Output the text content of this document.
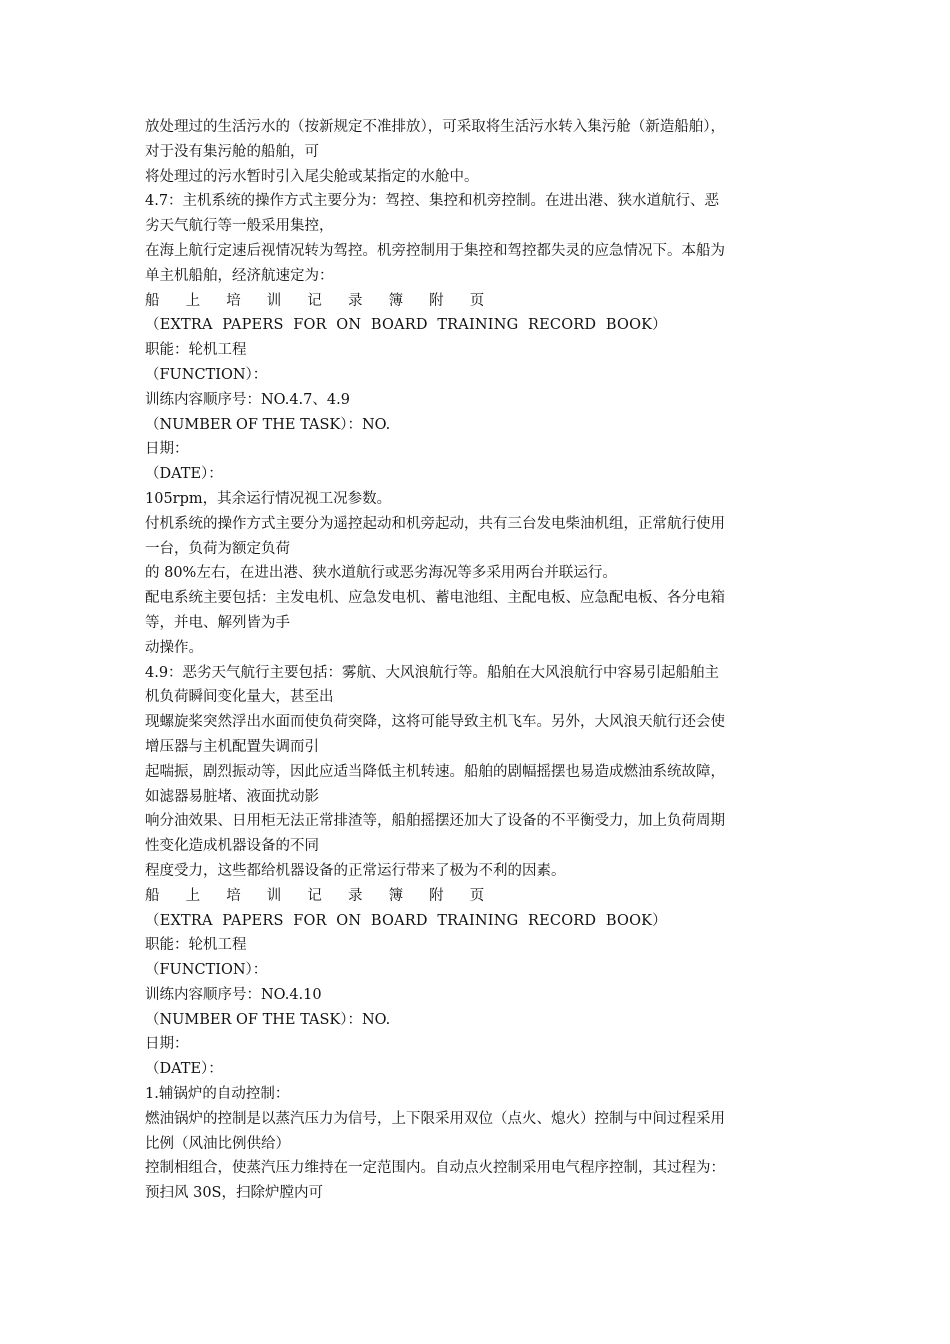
放处理过的生活污水的（按新规定不准排放），可采取将生活污水转入集污舱（新造船舶），
对于没有集污舱的船舶，可
将处理过的污水暂时引入尾尖舱或某指定的水舱中。
4.7：主机系统的操作方式主要分为：驾控、集控和机旁控制。在进出港、狭水道航行、恶
劣天气航行等一般采用集控，
在海上航行定速后视情况转为驾控。机旁控制用于集控和驾控都失灵的应急情况下。本船为
单主机船舶，经济航速定为：
船 上 培 训 记 录 簿 附 页
（EXTRA  PAPERS  FOR  ON  BOARD  TRAINING  RECORD  BOOK）
职能：轮机工程
（FUNCTION）：
训练内容顺序号：NO.4.7、4.9
（NUMBER OF THE TASK）：NO.
日期：
（DATE）：
105rpm，其余运行情况视工况参数。
付机系统的操作方式主要分为遥控起动和机旁起动，共有三台发电柴油机组，正常航行使用
一台，负荷为额定负荷
的 80%左右，在进出港、狭水道航行或恶劣海况等多采用两台并联运行。
配电系统主要包括：主发电机、应急发电机、蓄电池组、主配电板、应急配电板、各分电箱
等，并电、解列皆为手
动操作。
4.9：恶劣天气航行主要包括：雾航、大风浪航行等。船舶在大风浪航行中容易引起船舶主
机负荷瞬间变化量大，甚至出
现螺旋桨突然浮出水面而使负荷突降，这将可能导致主机飞车。另外，大风浪天航行还会使
增压器与主机配置失调而引
起喘振，剧烈振动等，因此应适当降低主机转速。船舶的剧幅摇摆也易造成燃油系统故障，
如滤器易脏堵、液面扰动影
响分油效果、日用柜无法正常排渣等，船舶摇摆还加大了设备的不平衡受力，加上负荷周期
性变化造成机器设备的不同
程度受力，这些都给机器设备的正常运行带来了极为不利的因素。
船 上 培 训 记 录 簿 附 页
（EXTRA  PAPERS  FOR  ON  BOARD  TRAINING  RECORD  BOOK）
职能：轮机工程
（FUNCTION）：
训练内容顺序号：NO.4.10
（NUMBER OF THE TASK）：NO.
日期：
（DATE）：
1.辅锅炉的自动控制：
燃油锅炉的控制是以蒸汽压力为信号，上下限采用双位（点火、熄火）控制与中间过程采用
比例（风油比例供给）
控制相组合，使蒸汽压力维持在一定范围内。自动点火控制采用电气程序控制，其过程为：
预扫风 30S，扫除炉膛内可
